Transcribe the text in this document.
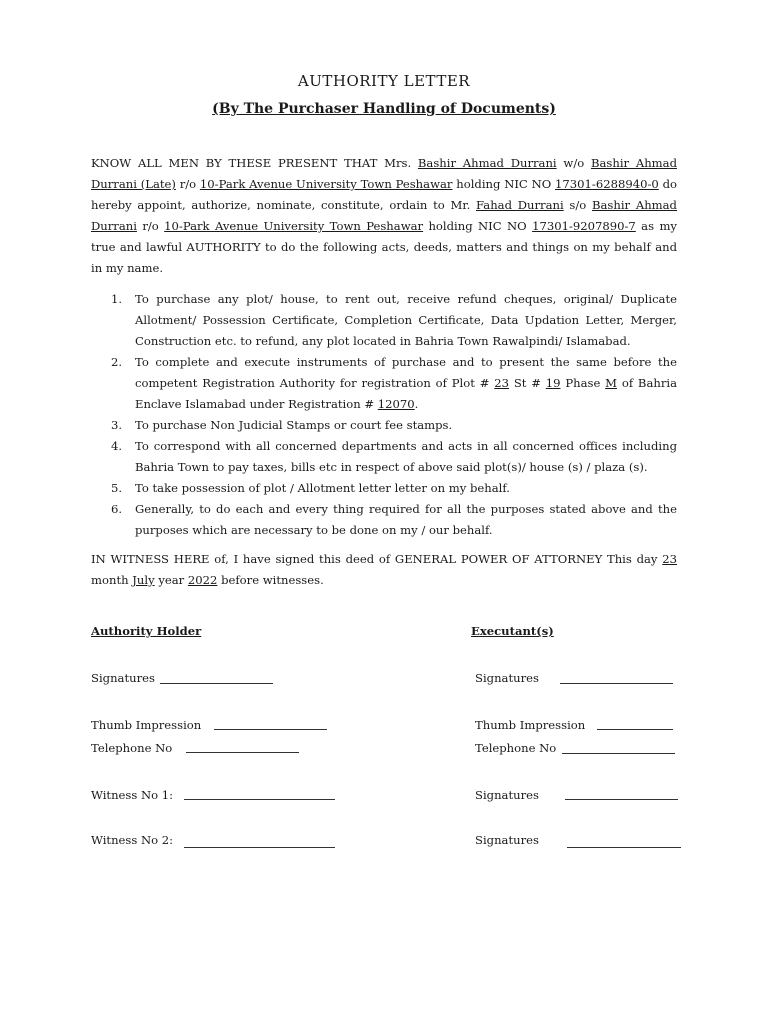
AUTHORITY LETTER
(By The Purchaser Handling of Documents)
KNOW ALL MEN BY THESE PRESENT THAT Mrs. Bashir Ahmad Durrani w/o Bashir Ahmad Durrani (Late) r/o 10-Park Avenue University Town Peshawar holding NIC NO 17301-6288940-0 do hereby appoint, authorize, nominate, constitute, ordain to Mr. Fahad Durrani s/o Bashir Ahmad Durrani r/o 10-Park Avenue University Town Peshawar holding NIC NO 17301-9207890-7 as my true and lawful AUTHORITY to do the following acts, deeds, matters and things on my behalf and in my name.
1. To purchase any plot/ house, to rent out, receive refund cheques, original/ Duplicate Allotment/ Possession Certificate, Completion Certificate, Data Updation Letter, Merger, Construction etc. to refund, any plot located in Bahria Town Rawalpindi/ Islamabad.
2. To complete and execute instruments of purchase and to present the same before the competent Registration Authority for registration of Plot # 23 St # 19 Phase M of Bahria Enclave Islamabad under Registration # 12070.
3. To purchase Non Judicial Stamps or court fee stamps.
4. To correspond with all concerned departments and acts in all concerned offices including Bahria Town to pay taxes, bills etc in respect of above said plot(s)/ house (s) / plaza (s).
5. To take possession of plot / Allotment letter letter on my behalf.
6. Generally, to do each and every thing required for all the purposes stated above and the purposes which are necessary to be done on my / our behalf.
IN WITNESS HERE of, I have signed this deed of GENERAL POWER OF ATTORNEY This day 23 month July year 2022 before witnesses.
Authority Holder	Executant(s)
Signatures
Thumb Impression
Telephone No
Witness No 1:
Witness No 2:
Signatures
Thumb Impression
Telephone No
Signatures
Signatures
